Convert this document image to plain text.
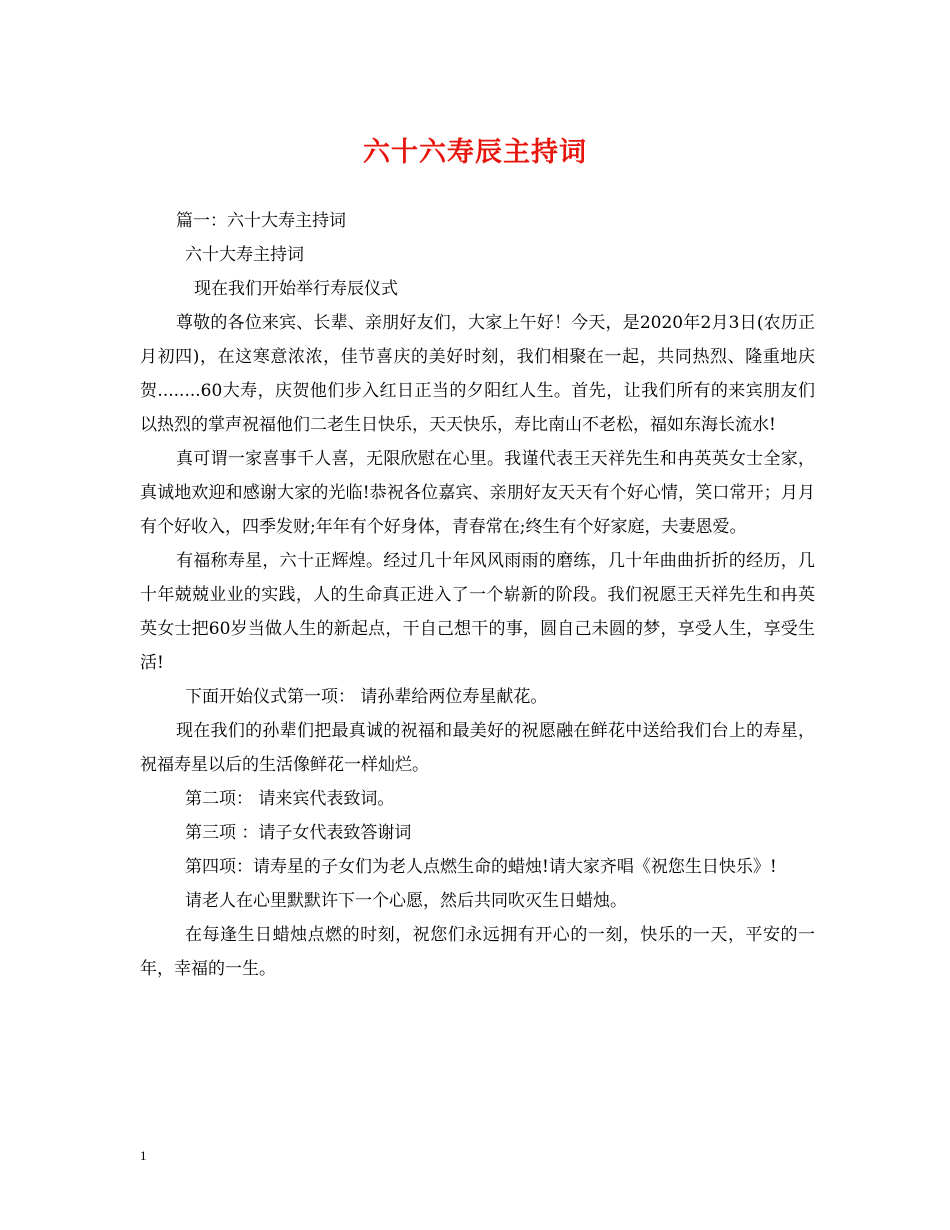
六十六寿辰主持词

篇一：六十大寿主持词

六十大寿主持词

现在我们开始举行寿辰仪式

尊敬的各位来宾、长辈、亲朋好友们，大家上午好！今天，是2020年2月3日(农历正月初四)，在这寒意浓浓，佳节喜庆的美好时刻，我们相聚在一起，共同热烈、隆重地庆贺........60大寿，庆贺他们步入红日正当的夕阳红人生。首先，让我们所有的来宾朋友们以热烈的掌声祝福他们二老生日快乐，天天快乐，寿比南山不老松，福如东海长流水!

真可谓一家喜事千人喜，无限欣慰在心里。我谨代表王天祥先生和冉英英女士全家，真诚地欢迎和感谢大家的光临!恭祝各位嘉宾、亲朋好友天天有个好心情，笑口常开；月月有个好收入，四季发财;年年有个好身体，青春常在;终生有个好家庭，夫妻恩爱。

有福称寿星，六十正辉煌。经过几十年风风雨雨的磨练，几十年曲曲折折的经历，几十年兢兢业业的实践，人的生命真正进入了一个崭新的阶段。我们祝愿王天祥先生和冉英英女士把60岁当做人生的新起点，干自己想干的事，圆自己未圆的梦，享受人生，享受生活!

下面开始仪式第一项： 请孙辈给两位寿星献花。

现在我们的孙辈们把最真诚的祝福和最美好的祝愿融在鲜花中送给我们台上的寿星，祝福寿星以后的生活像鲜花一样灿烂。

第二项： 请来宾代表致词。

第三项 ：请子女代表致答谢词

第四项：请寿星的子女们为老人点燃生命的蜡烛!请大家齐唱《祝您生日快乐》!

请老人在心里默默许下一个心愿，然后共同吹灭生日蜡烛。

在每逢生日蜡烛点燃的时刻，祝您们永远拥有开心的一刻，快乐的一天，平安的一年，幸福的一生。

1
